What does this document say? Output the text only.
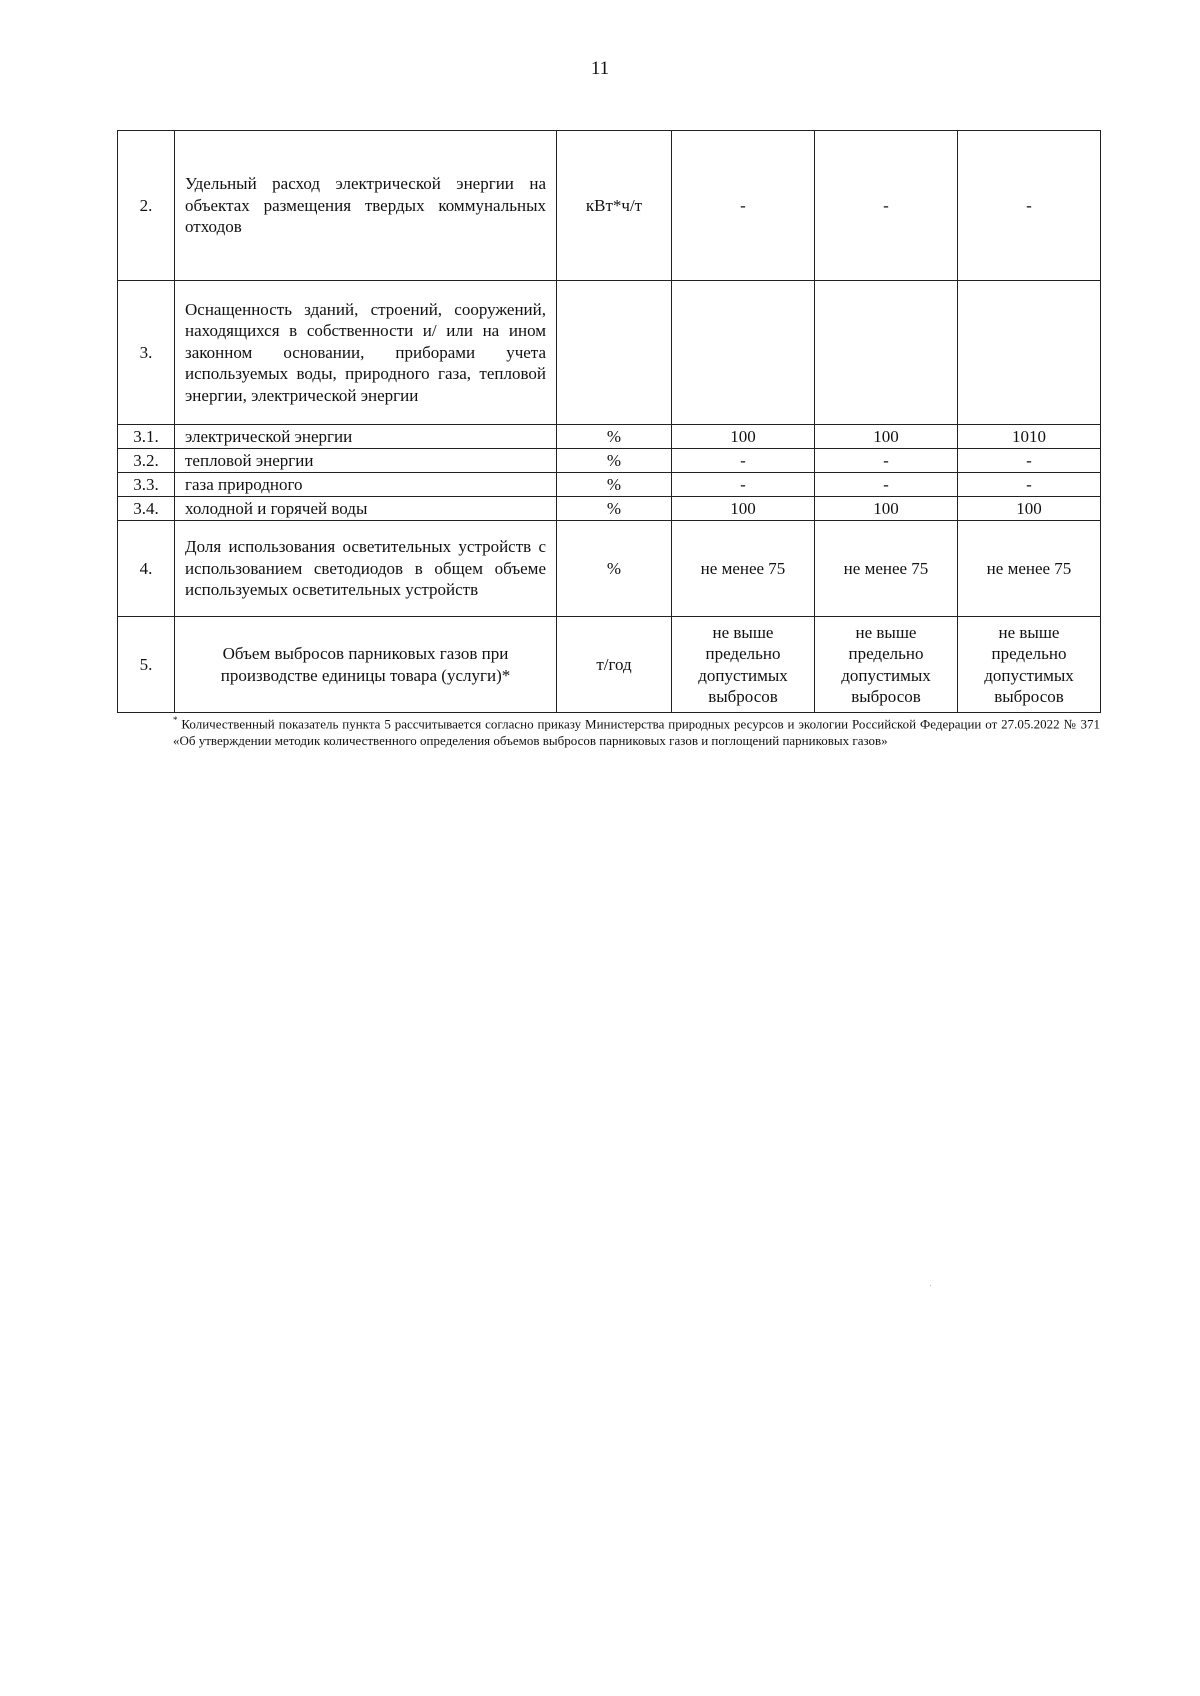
11
2.	Удельный расход электрической энергии на объектах размещения твердых коммунальных отходов	кВт*ч/т	-	-	-
3.	Оснащенность зданий, строений, сооружений, находящихся в собственности и/ или на ином законном основании, приборами учета используемых воды, природного газа, тепловой энергии, электрической энергии				
3.1.	электрической энергии	%	100	100	1010
3.2.	тепловой энергии	%	-	-	-
3.3.	газа природного	%	-	-	-
3.4.	холодной и горячей воды	%	100	100	100
4.	Доля использования осветительных устройств с использованием светодиодов в общем объеме используемых осветительных устройств	%	не менее 75	не менее 75	не менее 75
5.	Объем выбросов парниковых газов при производстве единицы товара (услуги)*	т/год	не выше предельно допустимых выбросов	не выше предельно допустимых выбросов	не выше предельно допустимых выбросов
* Количественный показатель пункта 5 рассчитывается согласно приказу Министерства природных ресурсов и экологии Российской Федерации от 27.05.2022 № 371 «Об утверждении методик количественного определения объемов выбросов парниковых газов и поглощений парниковых газов»
